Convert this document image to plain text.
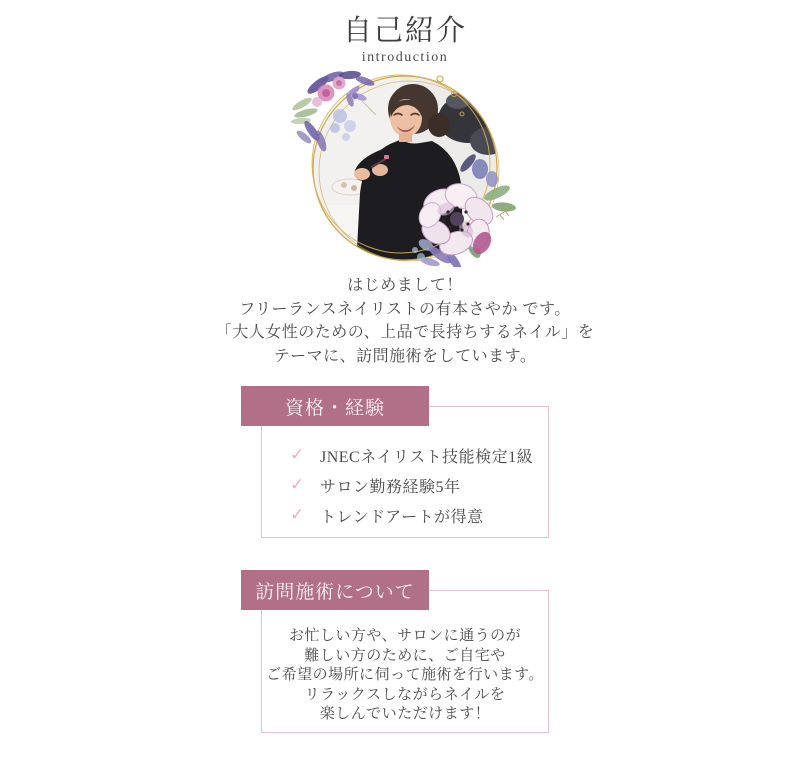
自己紹介
introduction
はじめまして！
フリーランスネイリストの有本さやか です。
「大人女性のための、上品で長持ちするネイル」を
テーマに、訪問施術をしています。
資格・経験
✓ JNECネイリスト技能検定1級
✓ サロン勤務経験5年
✓ トレンドアートが得意
訪問施術について
お忙しい方や、サロンに通うのが
難しい方のために、ご自宅や
ご希望の場所に伺って施術を行います。
リラックスしながらネイルを
楽しんでいただけます！
